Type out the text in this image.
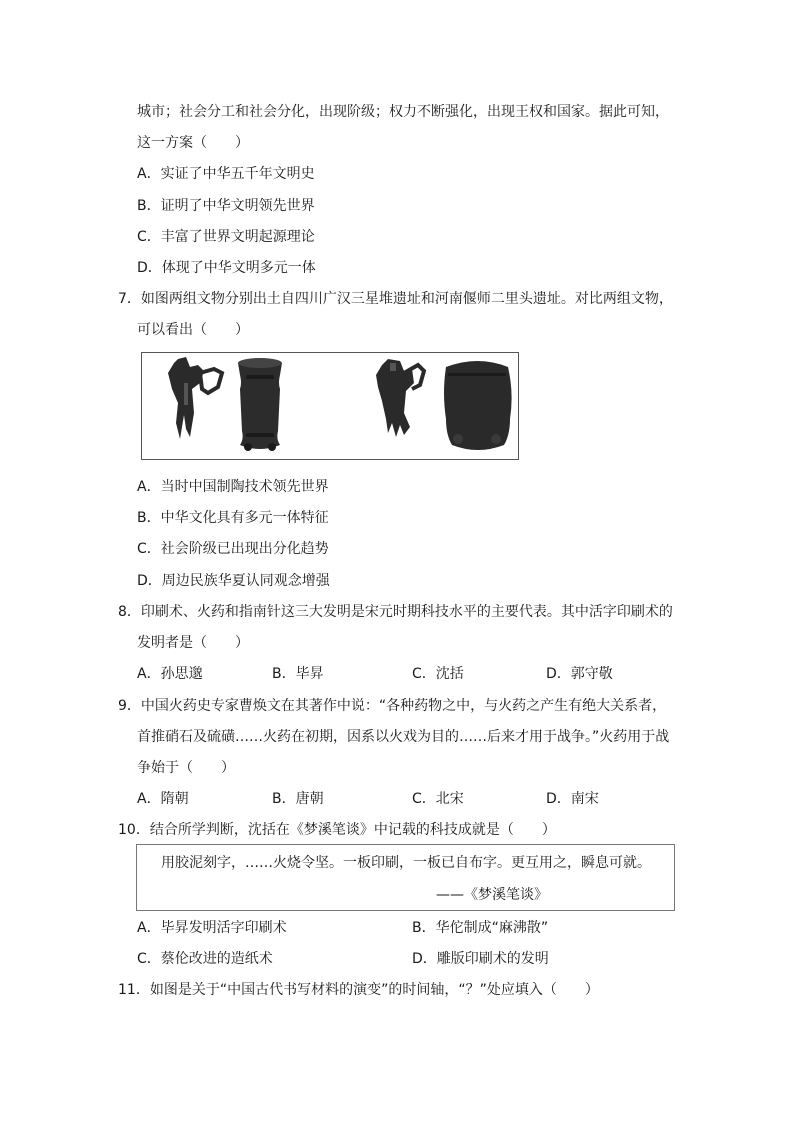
城市；社会分工和社会分化，出现阶级；权力不断强化，出现王权和国家。据此可知，
这一方案（　　）
A．实证了中华五千年文明史
B．证明了中华文明领先世界
C．丰富了世界文明起源理论
D．体现了中华文明多元一体
7．如图两组文物分别出土自四川广汉三星堆遗址和河南偃师二里头遗址。对比两组文物，
可以看出（　　）
A．当时中国制陶技术领先世界
B．中华文化具有多元一体特征
C．社会阶级已出现出分化趋势
D．周边民族华夏认同观念增强
8．印刷术、火药和指南针这三大发明是宋元时期科技水平的主要代表。其中活字印刷术的
发明者是（　　）
A．孙思邈	B．毕昇	C．沈括	D．郭守敬
9．中国火药史专家曹焕文在其著作中说：“各种药物之中，与火药之产生有绝大关系者，
首推硝石及硫磺……火药在初期，因系以火戏为目的……后来才用于战争。”火药用于战
争始于（　　）
A．隋朝	B．唐朝	C．北宋	D．南宋
10．结合所学判断，沈括在《梦溪笔谈》中记载的科技成就是（　　）
用胶泥刻字，……火烧令坚。一板印刷，一板已自布字。更互用之，瞬息可就。
——《梦溪笔谈》
A．毕昇发明活字印刷术	B．华佗制成“麻沸散”
C．蔡伦改进的造纸术	D．雕版印刷术的发明
11．如图是关于“中国古代书写材料的演变”的时间轴，“？”处应填入（　　）
